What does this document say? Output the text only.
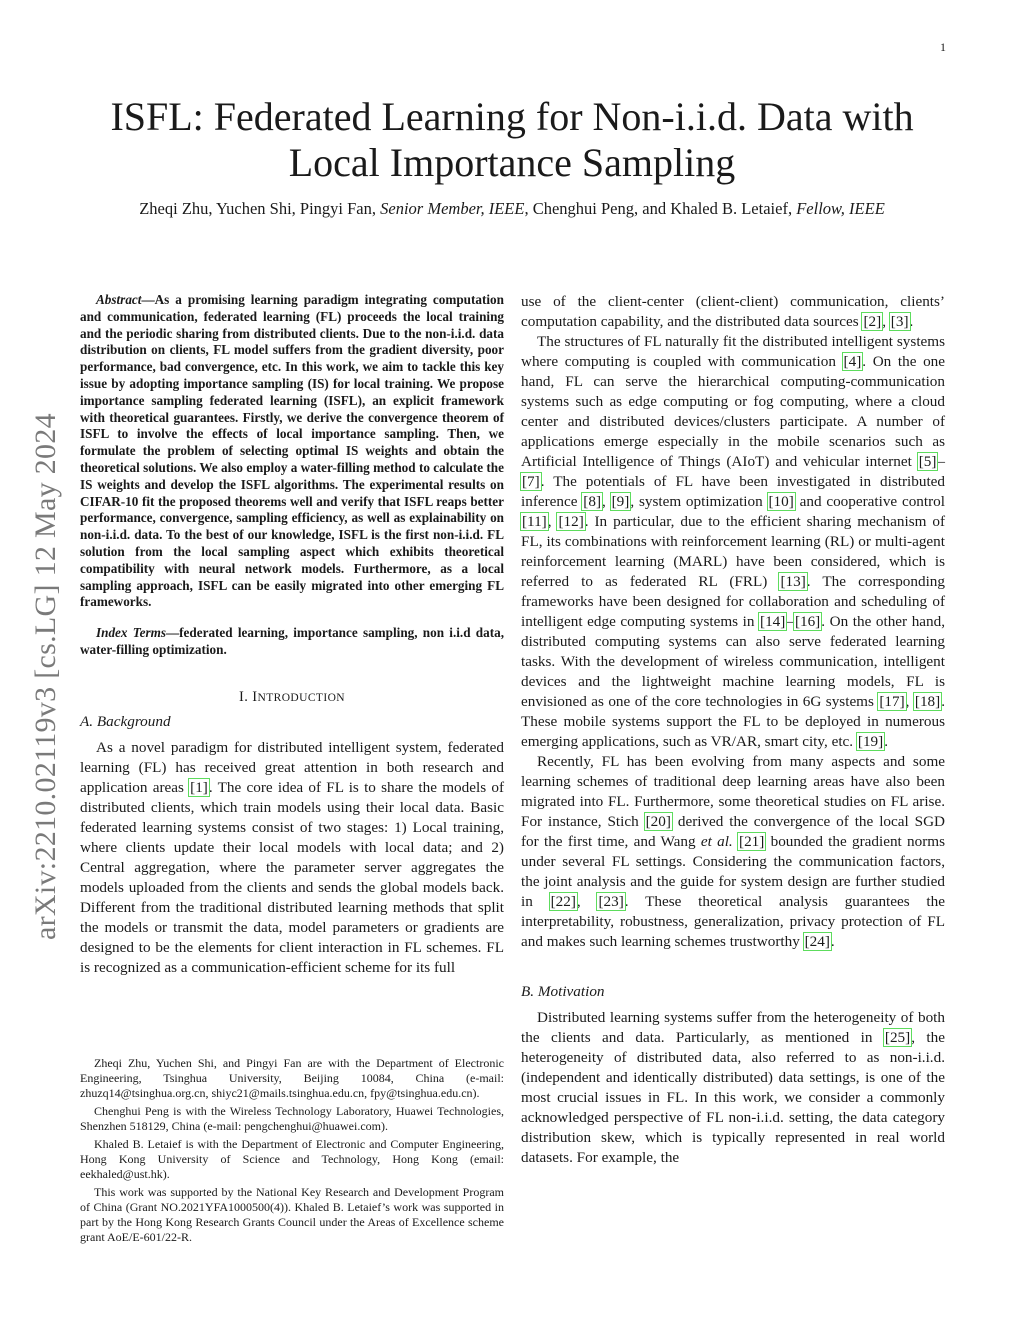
1
arXiv:2210.02119v3 [cs.LG] 12 May 2024
ISFL: Federated Learning for Non-i.i.d. Data with
Local Importance Sampling
Zheqi Zhu, Yuchen Shi, Pingyi Fan, Senior Member, IEEE, Chenghui Peng, and Khaled B. Letaief, Fellow, IEEE

Abstract—As a promising learning paradigm integrating computation and communication, federated learning (FL) proceeds the local training and the periodic sharing from distributed clients. Due to the non-i.i.d. data distribution on clients, FL model suffers from the gradient diversity, poor performance, bad convergence, etc. In this work, we aim to tackle this key issue by adopting importance sampling (IS) for local training. We propose importance sampling federated learning (ISFL), an explicit framework with theoretical guarantees. Firstly, we derive the convergence theorem of ISFL to involve the effects of local importance sampling. Then, we formulate the problem of selecting optimal IS weights and obtain the theoretical solutions. We also employ a water-filling method to calculate the IS weights and develop the ISFL algorithms. The experimental results on CIFAR-10 fit the proposed theorems well and verify that ISFL reaps better performance, convergence, sampling efficiency, as well as explainability on non-i.i.d. data. To the best of our knowledge, ISFL is the first non-i.i.d. FL solution from the local sampling aspect which exhibits theoretical compatibility with neural network models. Furthermore, as a local sampling approach, ISFL can be easily migrated into other emerging FL frameworks.

Index Terms—federated learning, importance sampling, non i.i.d data, water-filling optimization.

I. INTRODUCTION
A. Background

As a novel paradigm for distributed intelligent system, federated learning (FL) has received great attention in both research and application areas [1]. The core idea of FL is to share the models of distributed clients, which train models using their local data. Basic federated learning systems consist of two stages: 1) Local training, where clients update their local models with local data; and 2) Central aggregation, where the parameter server aggregates the models uploaded from the clients and sends the global models back. Different from the traditional distributed learning methods that split the models or transmit the data, model parameters or gradients are designed to be the elements for client interaction in FL schemes. FL is recognized as a communication-efficient scheme for its full

Zheqi Zhu, Yuchen Shi, and Pingyi Fan are with the Department of Electronic Engineering, Tsinghua University, Beijing 10084, China (e-mail: zhuzq14@tsinghua.org.cn, shiyc21@mails.tsinghua.edu.cn, fpy@tsinghua.edu.cn).

Chenghui Peng is with the Wireless Technology Laboratory, Huawei Technologies, Shenzhen 518129, China (e-mail: pengchenghui@huawei.com).

Khaled B. Letaief is with the Department of Electronic and Computer Engineering, Hong Kong University of Science and Technology, Hong Kong (email: eekhaled@ust.hk).

This work was supported by the National Key Research and Development Program of China (Grant NO.2021YFA1000500(4)). Khaled B. Letaief’s work was supported in part by the Hong Kong Research Grants Council under the Areas of Excellence scheme grant AoE/E-601/22-R.

use of the client-center (client-client) communication, clients’ computation capability, and the distributed data sources [2], [3].

The structures of FL naturally fit the distributed intelligent systems where computing is coupled with communication [4]. On the one hand, FL can serve the hierarchical computing-communication systems such as edge computing or fog computing, where a cloud center and distributed devices/clusters participate. A number of applications emerge especially in the mobile scenarios such as Artificial Intelligence of Things (AIoT) and vehicular internet [5]–[7]. The potentials of FL have been investigated in distributed inference [8], [9], system optimization [10] and cooperative control [11], [12]. In particular, due to the efficient sharing mechanism of FL, its combinations with reinforcement learning (RL) or multi-agent reinforcement learning (MARL) have been considered, which is referred to as federated RL (FRL) [13]. The corresponding frameworks have been designed for collaboration and scheduling of intelligent edge computing systems in [14]–[16]. On the other hand, distributed computing systems can also serve federated learning tasks. With the development of wireless communication, intelligent devices and the lightweight machine learning models, FL is envisioned as one of the core technologies in 6G systems [17], [18]. These mobile systems support the FL to be deployed in numerous emerging applications, such as VR/AR, smart city, etc. [19].

Recently, FL has been evolving from many aspects and some learning schemes of traditional deep learning areas have also been migrated into FL. Furthermore, some theoretical studies on FL arise. For instance, Stich [20] derived the convergence of the local SGD for the first time, and Wang et al. [21] bounded the gradient norms under several FL settings. Considering the communication factors, the joint analysis and the guide for system design are further studied in [22], [23]. These theoretical analysis guarantees the interpretability, robustness, generalization, privacy protection of FL and makes such learning schemes trustworthy [24].

B. Motivation

Distributed learning systems suffer from the heterogeneity of both the clients and data. Particularly, as mentioned in [25], the heterogeneity of distributed data, also referred to as non-i.i.d. (independent and identically distributed) data settings, is one of the most crucial issues in FL. In this work, we consider a commonly acknowledged perspective of FL non-i.i.d. setting, the data category distribution skew, which is typically represented in real world datasets. For example, the
